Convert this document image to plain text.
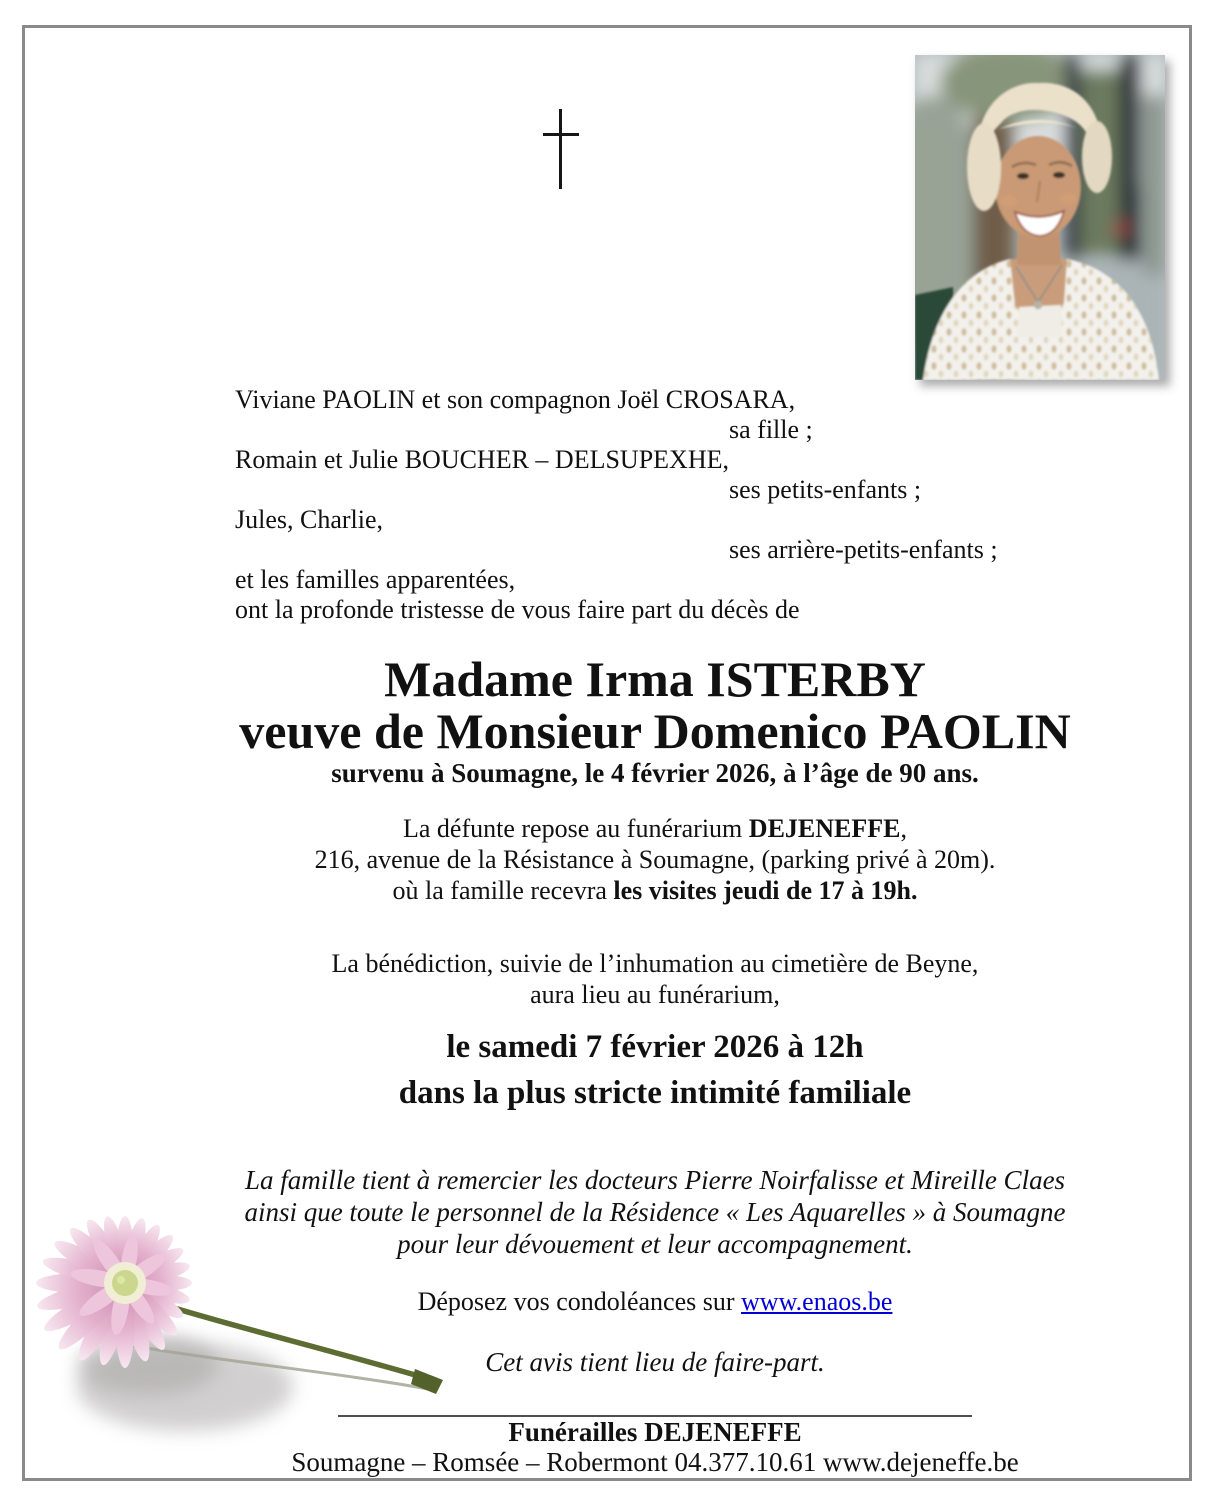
Viviane PAOLIN et son compagnon Joël CROSARA,
sa fille ;
Romain et Julie BOUCHER – DELSUPEXHE,
ses petits-enfants ;
Jules, Charlie,
ses arrière-petits-enfants ;
et les familles apparentées,
ont la profonde tristesse de vous faire part du décès de
Madame Irma ISTERBY
veuve de Monsieur Domenico PAOLIN
survenu à Soumagne, le 4 février 2026, à l’âge de 90 ans.
La défunte repose au funérarium DEJENEFFE,
216, avenue de la Résistance à Soumagne, (parking privé à 20m).
où la famille recevra les visites jeudi de 17 à 19h.
La bénédiction, suivie de l’inhumation au cimetière de Beyne,
aura lieu au funérarium,
le samedi 7 février 2026 à 12h
dans la plus stricte intimité familiale
La famille tient à remercier les docteurs Pierre Noirfalisse et Mireille Claes
ainsi que toute le personnel de la Résidence « Les Aquarelles » à Soumagne
pour leur dévouement et leur accompagnement.
Déposez vos condoléances sur www.enaos.be
Cet avis tient lieu de faire-part.
Funérailles DEJENEFFE
Soumagne – Romsée – Robermont 04.377.10.61 www.dejeneffe.be
